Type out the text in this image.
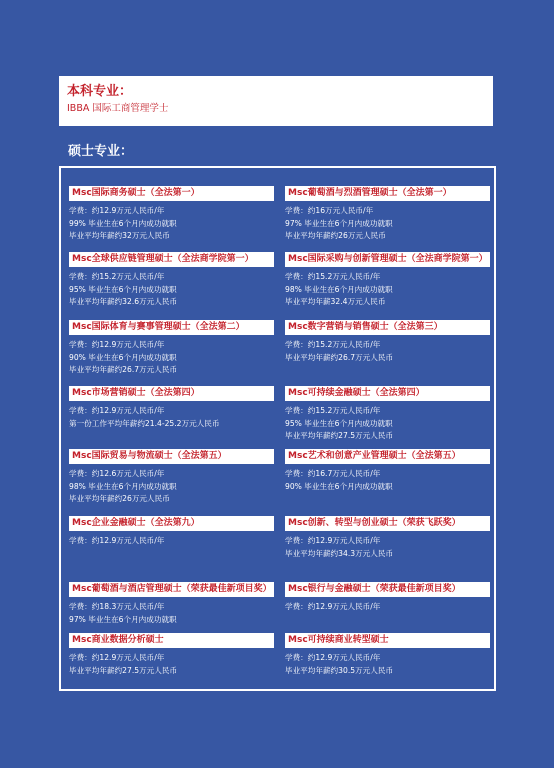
本科专业：
IBBA 国际工商管理学士
硕士专业：
Msc国际商务硕士（全法第一）
学费：约12.9万元人民币/年
99% 毕业生在6个月内成功就职
毕业平均年薪约32万元人民币
Msc葡萄酒与烈酒管理硕士（全法第一）
学费：约16万元人民币/年
97% 毕业生在6个月内成功就职
毕业平均年薪约26万元人民币
Msc全球供应链管理硕士（全法商学院第一）
学费：约15.2万元人民币/年
95% 毕业生在6个月内成功就职
毕业平均年薪约32.6万元人民币
Msc国际采购与创新管理硕士（全法商学院第一）
学费：约15.2万元人民币/年
98% 毕业生在6个月内成功就职
毕业平均年薪32.4万元人民币
Msc国际体育与赛事管理硕士（全法第二）
学费：约12.9万元人民币/年
90% 毕业生在6个月内成功就职
毕业平均年薪约26.7万元人民币
Msc数字营销与销售硕士（全法第三）
学费：约15.2万元人民币/年
毕业平均年薪约26.7万元人民币
Msc市场营销硕士（全法第四）
学费：约12.9万元人民币/年
第一份工作平均年薪约21.4-25.2万元人民币
Msc可持续金融硕士（全法第四）
学费：约15.2万元人民币/年
95% 毕业生在6个月内成功就职
毕业平均年薪约27.5万元人民币
Msc国际贸易与物流硕士（全法第五）
学费：约12.6万元人民币/年
98% 毕业生在6个月内成功就职
毕业平均年薪约26万元人民币
Msc艺术和创意产业管理硕士（全法第五）
学费：约16.7万元人民币/年
90% 毕业生在6个月内成功就职
Msc企业金融硕士（全法第九）
学费：约12.9万元人民币/年
Msc创新、转型与创业硕士（荣获飞跃奖）
学费：约12.9万元人民币/年
毕业平均年薪约34.3万元人民币
Msc葡萄酒与酒店管理硕士（荣获最佳新项目奖）
学费：约18.3万元人民币/年
97% 毕业生在6个月内成功就职
Msc银行与金融硕士（荣获最佳新项目奖）
学费：约12.9万元人民币/年
Msc商业数据分析硕士
学费：约12.9万元人民币/年
毕业平均年薪约27.5万元人民币
Msc可持续商业转型硕士
学费：约12.9万元人民币/年
毕业平均年薪约30.5万元人民币
